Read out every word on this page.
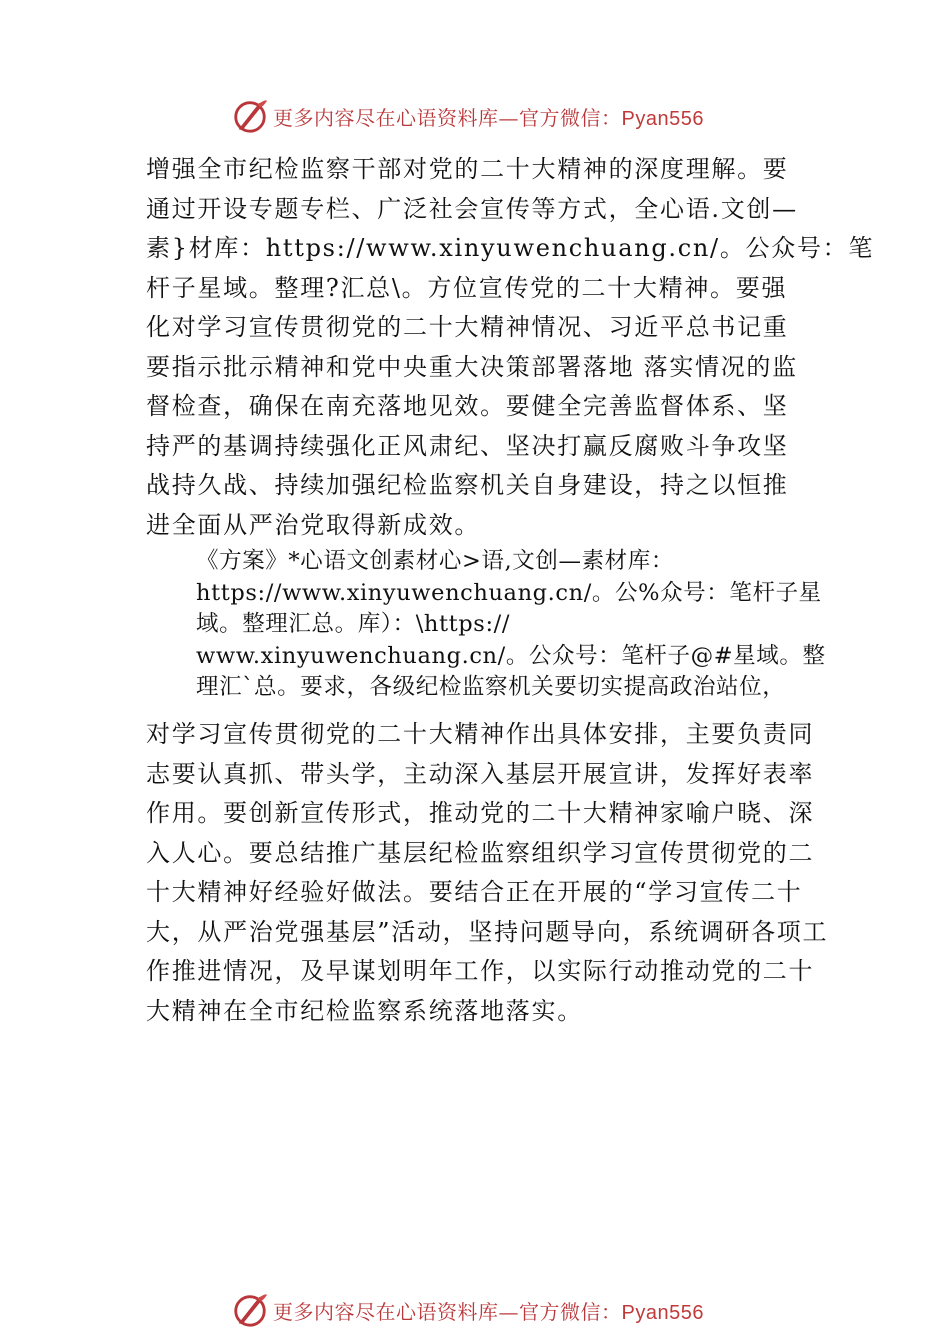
更多内容尽在心语资料库—官方微信：Pyan556
增强全市纪检监察干部对党的二十大精神的深度理解。要
通过开设专题专栏、广泛社会宣传等方式，全心语.文创—
素}材库：https://www.xinyuwenchuang.cn/。公众号：笔
杆子星域。整理?汇总\。方位宣传党的二十大精神。要强
化对学习宣传贯彻党的二十大精神情况、习近平总书记重
要指示批示精神和党中央重大决策部署落地 落实情况的监
督检查，确保在南充落地见效。要健全完善监督体系、坚
持严的基调持续强化正风肃纪、坚决打赢反腐败斗争攻坚
战持久战、持续加强纪检监察机关自身建设，持之以恒推
进全面从严治党取得新成效。
《方案》*心语文创素材心>语,文创—素材库：
https://www.xinyuwenchuang.cn/。公%众号：笔杆子星
域。整理汇总。库）：\https://
www.xinyuwenchuang.cn/。公众号：笔杆子@#星域。整
理汇`总。要求，各级纪检监察机关要切实提高政治站位，
对学习宣传贯彻党的二十大精神作出具体安排，主要负责同
志要认真抓、带头学，主动深入基层开展宣讲，发挥好表率
作用。要创新宣传形式，推动党的二十大精神家喻户晓、深
入人心。要总结推广基层纪检监察组织学习宣传贯彻党的二
十大精神好经验好做法。要结合正在开展的“学习宣传二十
大，从严治党强基层”活动，坚持问题导向，系统调研各项工
作推进情况，及早谋划明年工作，以实际行动推动党的二十
大精神在全市纪检监察系统落地落实。
更多内容尽在心语资料库—官方微信：Pyan556
